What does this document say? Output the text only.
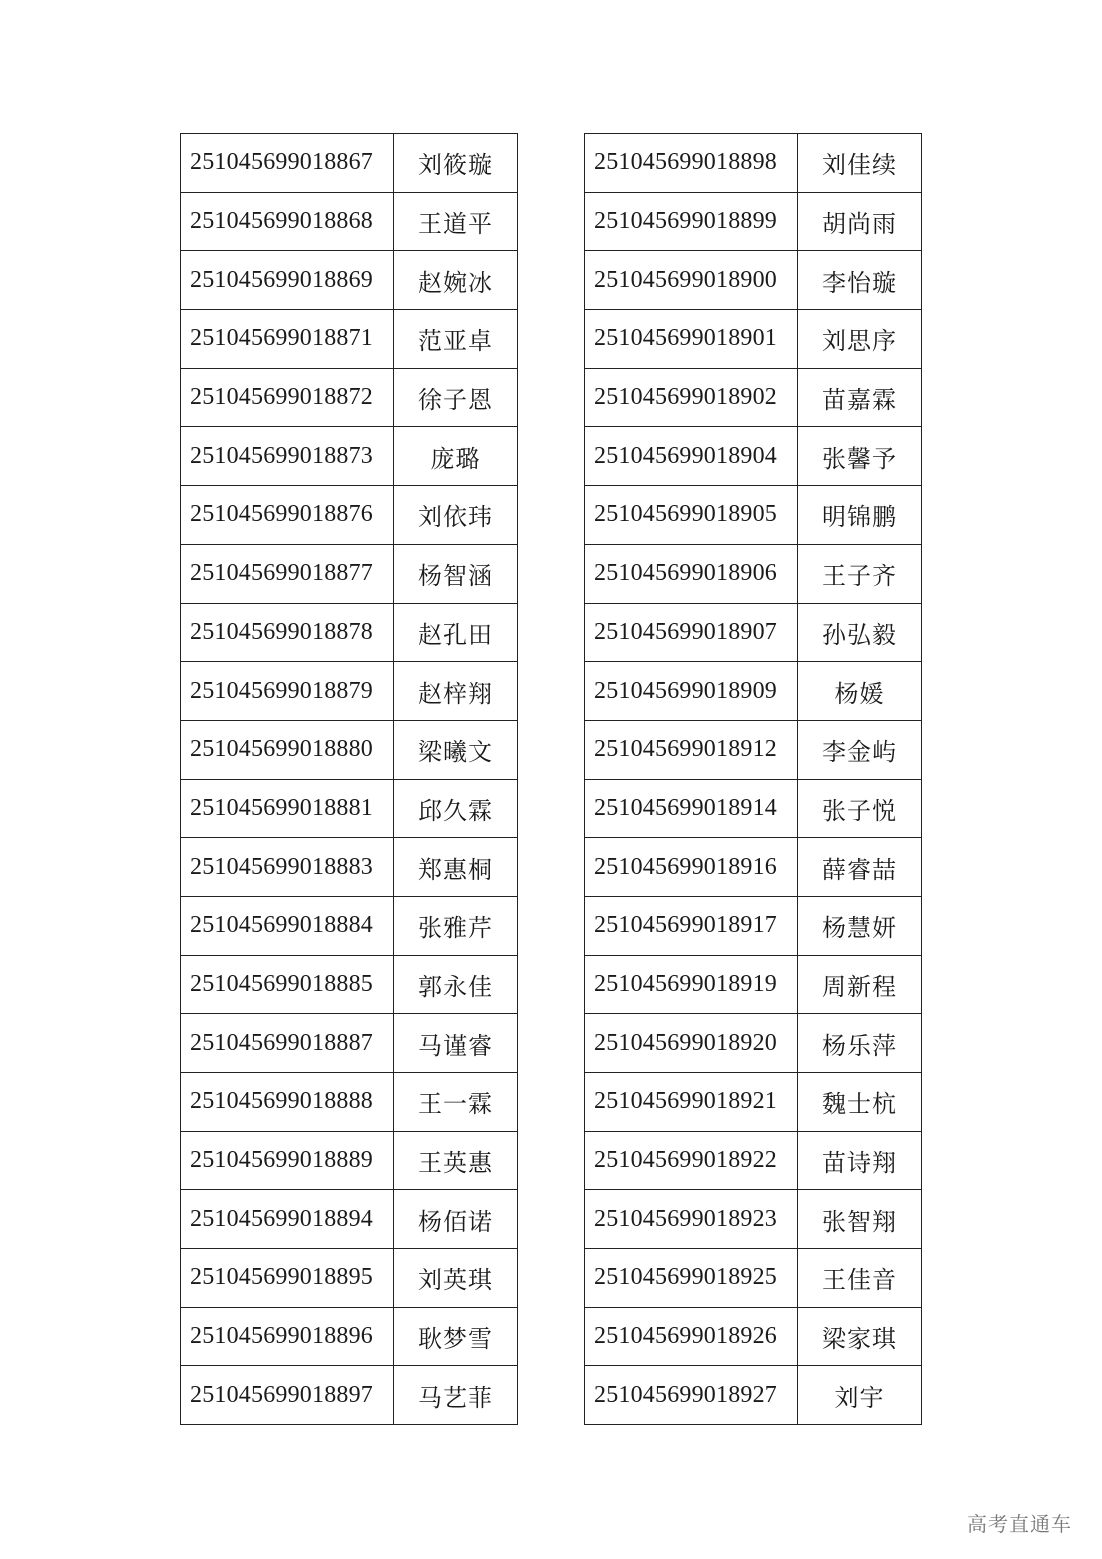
251045699018867	刘筱璇
251045699018868	王道平
251045699018869	赵婉冰
251045699018871	范亚卓
251045699018872	徐子恩
251045699018873	庞璐
251045699018876	刘依玮
251045699018877	杨智涵
251045699018878	赵孔田
251045699018879	赵梓翔
251045699018880	梁曦文
251045699018881	邱久霖
251045699018883	郑惠桐
251045699018884	张雅芹
251045699018885	郭永佳
251045699018887	马谨睿
251045699018888	王一霖
251045699018889	王英惠
251045699018894	杨佰诺
251045699018895	刘英琪
251045699018896	耿梦雪
251045699018897	马艺菲
251045699018898	刘佳续
251045699018899	胡尚雨
251045699018900	李怡璇
251045699018901	刘思序
251045699018902	苗嘉霖
251045699018904	张馨予
251045699018905	明锦鹏
251045699018906	王子齐
251045699018907	孙弘毅
251045699018909	杨媛
251045699018912	李金屿
251045699018914	张子悦
251045699018916	薛睿喆
251045699018917	杨慧妍
251045699018919	周新程
251045699018920	杨乐萍
251045699018921	魏士杭
251045699018922	苗诗翔
251045699018923	张智翔
251045699018925	王佳音
251045699018926	梁家琪
251045699018927	刘宇
高考直通车
